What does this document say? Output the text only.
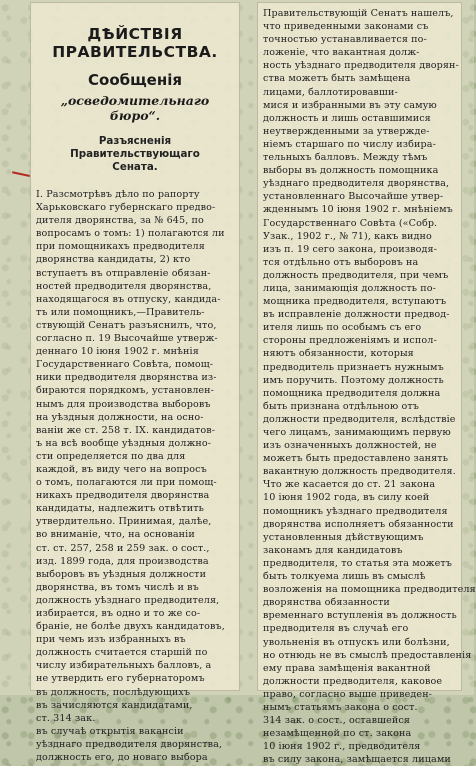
ДѢЙСТВІЯ ПРАВИТЕЛЬСТВА.
Сообщенія
„осведомительнаго бюро“.
Разъясненія Правительствующаго
Сената.
I. Разсмотрѣвъ дѣло по рапорту
Харьковскаго губернскаго предво-
дителя дворянства, за № 645, по
вопросамъ о томъ: 1) полагаются ли
при помощникахъ предводителя
дворянства кандидаты, 2) кто
вступаетъ въ отправленіе обязан-
ностей предводителя дворянства,
находящагося въ отпуску, кандида-
тъ или помощникъ,—Правитель-
ствующій Сенатъ разъяснилъ, что,
согласно п. 19 Высочайше утверж-
деннаго 10 іюня 1902 г. мнѣнія
Государственнаго Совѣта, помощ-
ники предводителя дворянства из-
бираются порядкомъ, установлен-
нымъ для производства выборовъ
на уѣздныя должности, на осно-
ваніи же ст. 258 т. IX. кандидатов-
ъ на всѣ вообще уѣздныя должно-
сти определяется по два для
каждой, въ виду чего на вопросъ
о томъ, полагаются ли при помощ-
никахъ предводителя дворянства
кандидаты, надлежитъ отвѣтить
утвердительно. Принимая, далѣе,
во вниманіе, что, на основаніи
ст. ст. 257, 258 и 259 зак. о сост.,
изд. 1899 года, для производства
выборовъ въ уѣздныя должности
дворянства, въ томъ числѣ и въ
должность уѣзднаго предводителя,
избирается, въ одно и то же со-
браніе, не болѣе двухъ кандидатовъ,
при чемъ изъ избранныхъ въ
должность считается старшій по
числу избирательныхъ балловъ, а
не утвердить его губернаторомъ
въ должность, послѣдующихъ
въ зачисляются кандидатами,
ст. 314 зак.
въ случаѣ открытія вакансіи
уѣзднаго предводителя дворянства,
должность его, до новаго выбора
Правительствующій Сенатъ нашелъ,
что приведенными законами съ
точностью устанавливается по-
ложеніе, что вакантная долж-
ность уѣзднаго предводителя дворян-
ства можетъ быть замѣщена
лицами, баллотировавши-
мися и избранными въ эту самую
должность и лишь оставшимися
неутвержденными за утвержде-
ніемъ старшаго по числу избира-
тельныхъ балловъ. Между тѣмъ
выборы въ должность помощника
уѣзднаго предводителя дворянства,
установленнаго Высочайше утвер-
жденнымъ 10 іюня 1902 г. мнѣніемъ
Государственнаго Совѣта («Собр.
Узак., 1902 г., № 71), какъ видно
изъ п. 19 сего закона, производя-
тся отдѣльно отъ выборовъ на
должность предводителя, при чемъ
лица, занимающія должность по-
мощника предводителя, вступаютъ
въ исправленіе должности предвод-
ителя лишь по особымъ съ его
стороны предложеніямъ и испол-
няютъ обязанности, которыя
предводитель признаетъ нужнымъ
имъ поручить. Поэтому должность
помощника предводителя должна
быть признана отдѣльною отъ
должности предводителя, вслѣдствіе
чего лицамъ, занимающимъ первую
изъ означенныхъ должностей, не
можетъ быть предоставлено занять
вакантную должность предводителя.
Что же касается до ст. 21 закона
10 іюня 1902 года, въ силу коей
помощникъ уѣзднаго предводителя
дворянства исполняетъ обязанности
установленныя дѣйствующимъ
законамъ для кандидатовъ
предводителя, то статья эта можетъ
быть толкуема лишь въ смыслѣ
возложенія на помощника предводителя
дворянства обязанности
временнаго вступленія въ должность
предводителя въ случаѣ его
увольненія въ отпускъ или болѣзни,
но отнюдь не въ смыслѣ предоставленія
ему права замѣщенія вакантной
должности предводителя, каковое
право, согласно выше приведен-
нымъ статьямъ закона о сост.
314 зак. о сост., оставшейся
незамѣщенной по ст. закона
10 іюня 1902 г., предводителя
въ силу закона, замѣщается лицами
